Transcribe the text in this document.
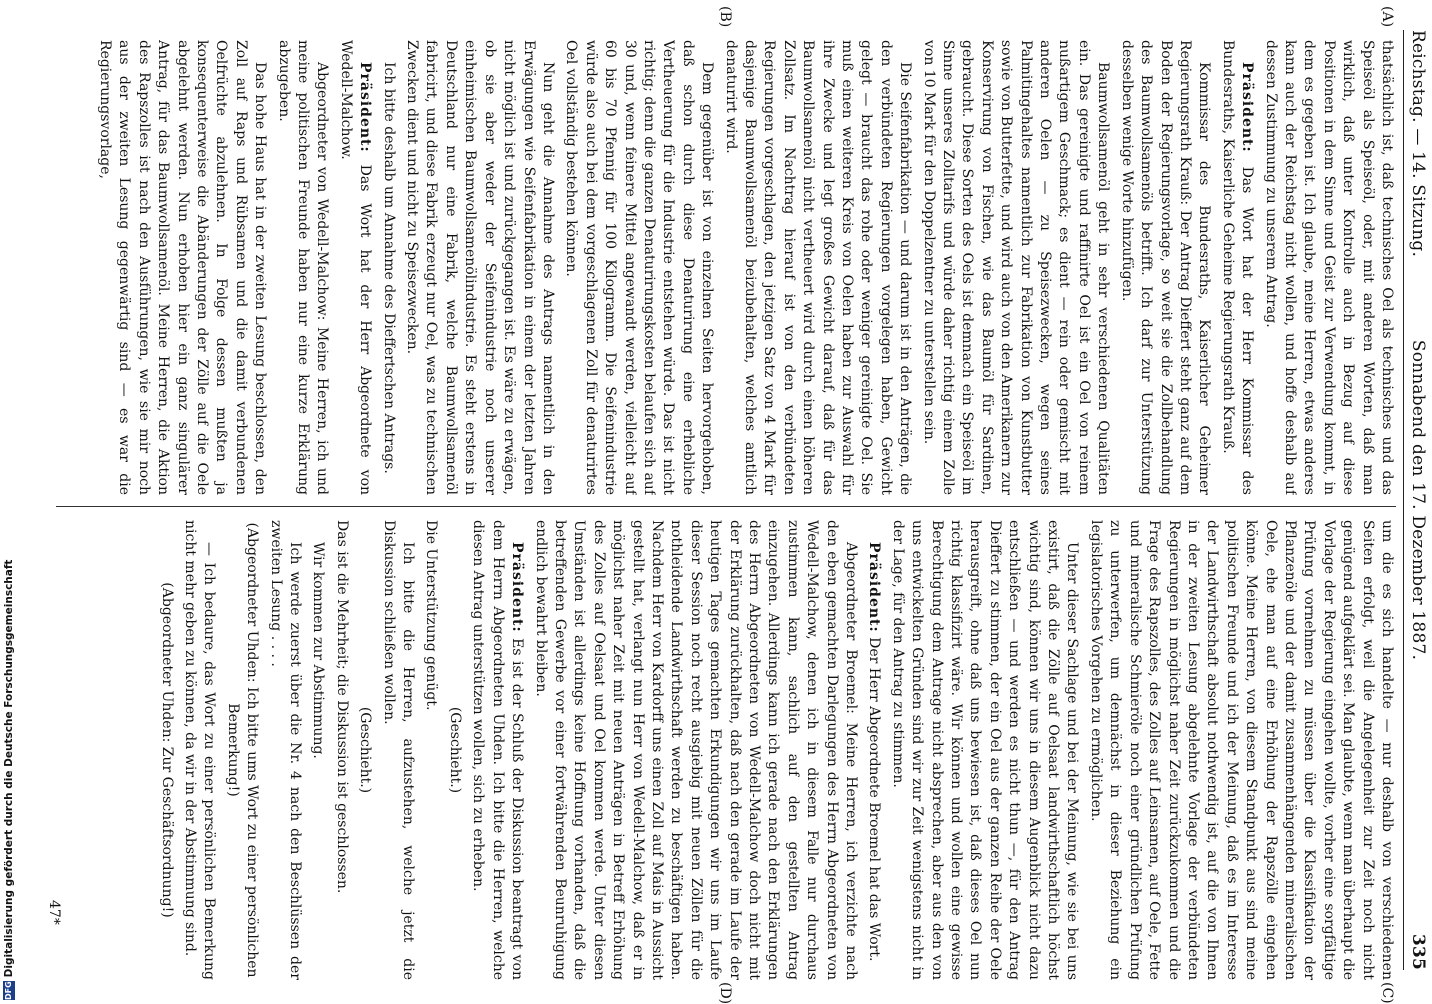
Reichstag. — 14. Sitzung.
Sonnabend den 17. Dezember 1887.
335
(A)
(B)
(C)
(D)

thatsächlich ist, daß technisches Oel als technisches und das Speiseöl als Speiseöl, oder, mit anderen Worten, daß man wirklich, daß unter Kontrolle auch in Bezug auf diese Positionen in dem Sinne und Geist zur Verwendung kommt, in dem es gegeben ist. Ich glaube, meine Herren, etwas anderes kann auch der Reichstag nicht wollen, und hoffe deshalb auf dessen Zustimmung zu unserem Antrag.

Präsident: Das Wort hat der Herr Kommissar des Bundesraths, Kaiserliche Geheime Regierungsrath Krauß.

Kommissar des Bundesraths, Kaiserlicher Geheimer Regierungsrath Krauß: Der Antrag Dieffert steht ganz auf dem Boden der Regierungsvorlage, so weit sie die Zollbehandlung des Baumwollsamenöls betrifft. Ich darf zur Unterstützung desselben wenige Worte hinzufügen.

Baumwollsamenöl geht in sehr verschiedenen Qualitäten ein. Das gereinigte und raffinirte Oel ist ein Oel von reinem nußartigem Geschmack; es dient — rein oder gemischt mit anderen Oelen — zu Speisezwecken, wegen seines Palmitingehaltes namentlich zur Fabrikation von Kunstbutter sowie von Butterfette, und wird auch von den Amerikanern zur Konservirung von Fischen, wie das Baumöl für Sardinen, gebraucht. Diese Sorten des Oels ist demnach ein Speiseöl im Sinne unseres Zolltarifs und würde daher richtig einem Zolle von 10 Mark für den Doppelzentner zu unterstellen sein.

Die Seifenfabrikation — und darum ist in den Anträgen, die den verbündeten Regierungen vorgelegen haben, Gewicht gelegt — braucht das rohe oder weniger gereinigte Oel. Sie muß einen weiteren Kreis von Oelen haben zur Auswahl für ihre Zwecke und legt großes Gewicht darauf, daß für das Baumwollsamenöl nicht vertheuert wird durch einen höheren Zollsatz. Im Nachtrag hierauf ist von den verbündeten Regierungen vorgeschlagen, den jetzigen Satz von 4 Mark für dasjenige Baumwollsamenöl beizubehalten, welches amtlich denaturirt wird.

Dem gegenüber ist von einzelnen Seiten hervorgehoben, daß schon durch diese Denaturirung eine erhebliche Vertheuerung für die Industrie entstehen würde. Das ist nicht richtig; denn die ganzen Denaturirungskosten belaufen sich auf 30 und, wenn feinere Mittel angewandt werden, vielleicht auf 60 bis 70 Pfennig für 100 Kilogramm. Die Seifenindustrie würde also auch bei dem vorgeschlagenen Zoll für denaturirtes Oel vollständig bestehen können.

Nun geht die Annahme des Antrags namentlich in den Erwägungen wie Seifenfabrikation in einem der letzten Jahren nicht möglich ist und zurückgegangen ist. Es wäre zu erwägen, ob sie aber weder der Seifenindustrie noch unserer einheimischen Baumwollsamenölindustrie. Es steht erstens in Deutschland nur eine Fabrik, welche Baumwollsamenöl fabricirt, und diese Fabrik erzeugt nur Oel, was zu technischen Zwecken dient und nicht zu Speisezwecken.

Ich bitte deshalb um Annahme des Dieffertschen Antrags.

Präsident: Das Wort hat der Herr Abgeordnete von Wedell-Malchow.

Abgeordneter von Wedell-Malchow: Meine Herren, ich und meine politischen Freunde haben nur eine kurze Erklärung abzugeben.

Das hohe Haus hat in der zweiten Lesung beschlossen, den Zoll auf Raps und Rübsamen und die damit verbundenen Oelfrüchte abzulehnen. In Folge dessen mußten ja konsequenterweise die Abänderungen der Zölle auf die Oele abgelehnt werden. Nun erhoben hier ein ganz singulärer Antrag, für das Baumwollsamenöl. Meine Herren, die Aktion des Rapszolles ist nach den Ausführungen, wie sie mir noch aus der zweiten Lesung gegenwärtig sind — es war die Regierungsvorlage,

um die es sich handelte — nur deshalb von verschiedenen Seiten erfolgt, weil die Angelegenheit zur Zeit noch nicht genügend aufgeklärt sei. Man glaubte, wenn man überhaupt die Vorlage der Regierung eingehen wollte, vorher eine sorgfältige Prüfung vornehmen zu müssen über die Klassifikation der Pflanzenöle und der damit zusammenhängenden mineralischen Oele, ehe man auf eine Erhöhung der Rapszölle eingehen könne. Meine Herren, von diesem Standpunkt aus sind meine politischen Freunde und ich der Meinung, daß es im Interesse der Landwirthschaft absolut nothwendig ist, auf die von Ihnen in der zweiten Lesung abgelehnte Vorlage der verbündeten Regierungen in möglichst naher Zeit zurückzukommen und die Frage des Rapszolles, des Zolles auf Leinsamen, auf Oele, Fette und mineralische Schmieröle noch einer gründlichen Prüfung zu unterwerfen, um demnächst in dieser Beziehung ein legislatorisches Vorgehen zu ermöglichen.

Unter dieser Sachlage und bei der Meinung, wie sie bei uns existirt, daß die Zölle auf Oelsaat landwirthschaftlich höchst wichtig sind, können wir uns in diesem Augenblick nicht dazu entschließen — und werden es nicht thun —, für den Antrag Dieffert zu stimmen, der ein Oel aus der ganzen Reihe der Oele herausgreift, ohne daß uns bewiesen ist, daß dieses Oel nun richtig klassifizirt wäre. Wir können und wollen eine gewisse Berechtigung dem Antrage nicht absprechen, aber aus den von uns entwickelten Gründen sind wir zur Zeit wenigstens nicht in der Lage, für den Antrag zu stimmen.

Präsident: Der Herr Abgeordnete Broemel hat das Wort.

Abgeordneter Broemel: Meine Herren, ich verzichte nach den eben gemachten Darlegungen des Herrn Abgeordneten von Wedell-Malchow, denen ich in diesem Falle nur durchaus zustimmen kann, sachlich auf den gestellten Antrag einzugehen. Allerdings kann ich gerade nach den Erklärungen des Herrn Abgeordneten von Wedell-Malchow doch nicht mit der Erklärung zurückhalten, daß nach den gerade im Laufe der heutigen Tages gemachten Erkundigungen wir uns im Laufe dieser Session noch recht ausgiebig mit neuen Zöllen für die nothleidende Landwirthschaft werden zu beschäftigen haben. Nachdem Herr von Kardorff uns einen Zoll auf Mais in Aussicht gestellt hat, verlangt nun Herr von Wedell-Malchow, daß er in möglichst naher Zeit mit neuen Anträgen in Betreff Erhöhung des Zolles auf Oelsaat und Oel kommen werde. Unter diesen Umständen ist allerdings keine Hoffnung vorhanden, daß die betreffenden Gewerbe vor einer fortwährenden Beunruhigung endlich bewahrt bleiben.

Präsident: Es ist der Schluß der Diskussion beantragt von dem Herrn Abgeordneten Uhden. Ich bitte die Herren, welche diesen Antrag unterstützen wollen, sich zu erheben.

(Geschieht.)

Die Unterstützung genügt.

Ich bitte die Herren, aufzustehen, welche jetzt die Diskussion schließen wollen.

(Geschieht.)

Das ist die Mehrheit; die Diskussion ist geschlossen.

Wir kommen zur Abstimmung.

Ich werde zuerst über die Nr. 4 nach den Beschlüssen der zweiten Lesung . . . .

(Abgeordneter Uhden: Ich bitte ums Wort zu einer persönlichen Bemerkung!)

— Ich bedaure, das Wort zu einer persönlichen Bemerkung nicht mehr geben zu können, da wir in der Abstimmung sind.

(Abgeordneter Uhden: Zur Geschäftsordnung!)

47*
DFG
Digitalisierung gefördert durch die Deutsche Forschungsgemeinschaft
